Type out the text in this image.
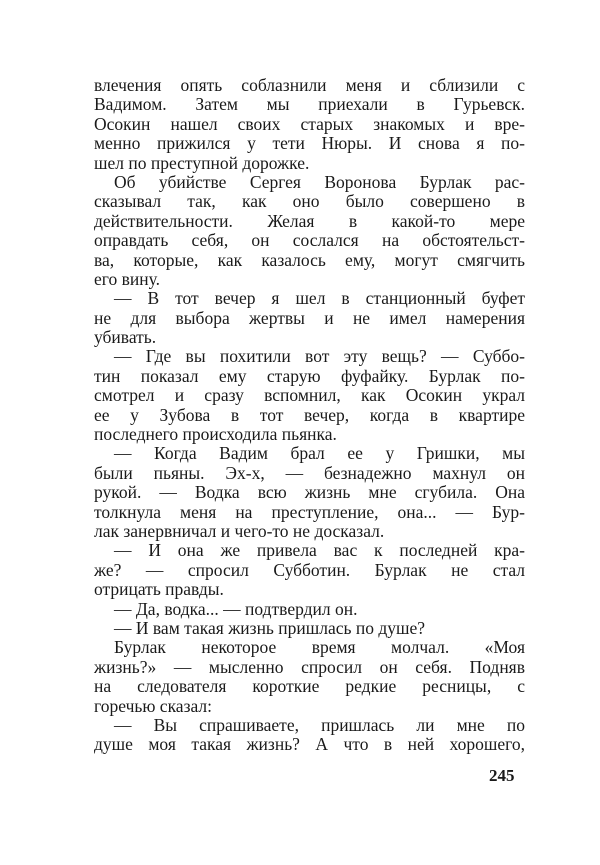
влечения опять соблазнили меня и сблизили с
Вадимом. Затем мы приехали в Гурьевск.
Осокин нашел своих старых знакомых и вре-
менно прижился у тети Нюры. И снова я по-
шел по преступной дорожке.
Об убийстве Сергея Воронова Бурлак рас-
сказывал так, как оно было совершено в
действительности. Желая в какой-то мере
оправдать себя, он сослался на обстоятельст-
ва, которые, как казалось ему, могут смягчить
его вину.
— В тот вечер я шел в станционный буфет
не для выбора жертвы и не имел намерения
убивать.
— Где вы похитили вот эту вещь? — Суббо-
тин показал ему старую фуфайку. Бурлак по-
смотрел и сразу вспомнил, как Осокин украл
ее у Зубова в тот вечер, когда в квартире
последнего происходила пьянка.
— Когда Вадим брал ее у Гришки, мы
были пьяны. Эх-х, — безнадежно махнул он
рукой. — Водка всю жизнь мне сгубила. Она
толкнула меня на преступление, она... — Бур-
лак занервничал и чего-то не досказал.
— И она же привела вас к последней кра-
же? — спросил Субботин. Бурлак не стал
отрицать правды.
— Да, водка... — подтвердил он.
— И вам такая жизнь пришлась по душе?
Бурлак некоторое время молчал. «Моя
жизнь?» — мысленно спросил он себя. Подняв
на следователя короткие редкие ресницы, с
горечью сказал:
— Вы спрашиваете, пришлась ли мне по
душе моя такая жизнь? А что в ней хорошего,
245
